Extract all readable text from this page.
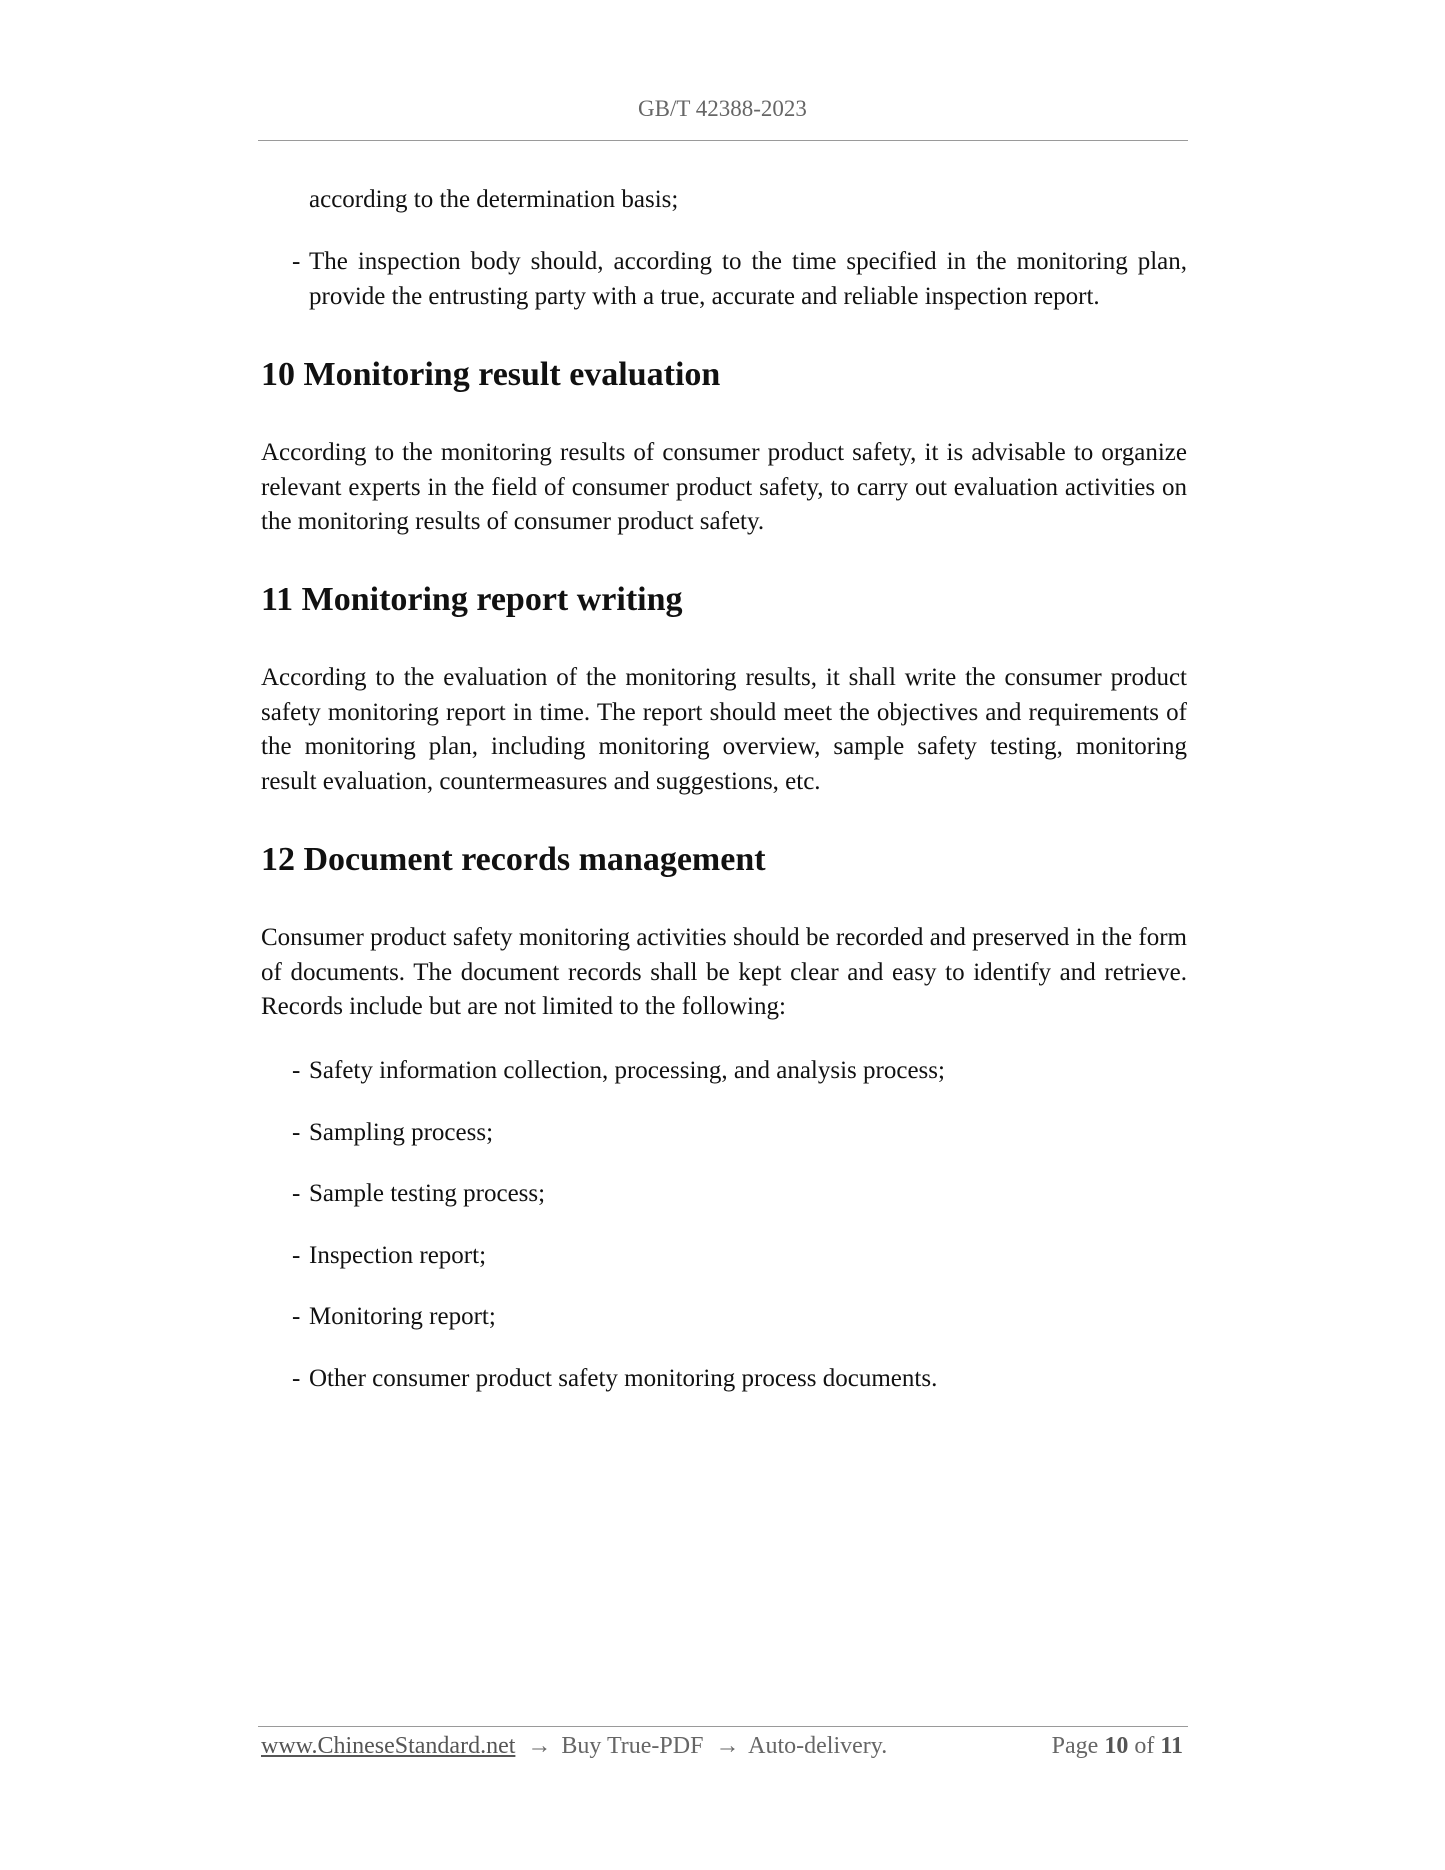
GB/T 42388-2023
according to the determination basis;
- The inspection body should, according to the time specified in the monitoring plan, provide the entrusting party with a true, accurate and reliable inspection report.
10 Monitoring result evaluation
According to the monitoring results of consumer product safety, it is advisable to organize relevant experts in the field of consumer product safety, to carry out evaluation activities on the monitoring results of consumer product safety.
11 Monitoring report writing
According to the evaluation of the monitoring results, it shall write the consumer product safety monitoring report in time. The report should meet the objectives and requirements of the monitoring plan, including monitoring overview, sample safety testing, monitoring result evaluation, countermeasures and suggestions, etc.
12 Document records management
Consumer product safety monitoring activities should be recorded and preserved in the form of documents. The document records shall be kept clear and easy to identify and retrieve. Records include but are not limited to the following:
- Safety information collection, processing, and analysis process;
- Sampling process;
- Sample testing process;
- Inspection report;
- Monitoring report;
- Other consumer product safety monitoring process documents.
www.ChineseStandard.net → Buy True-PDF → Auto-delivery.	Page 10 of 11
